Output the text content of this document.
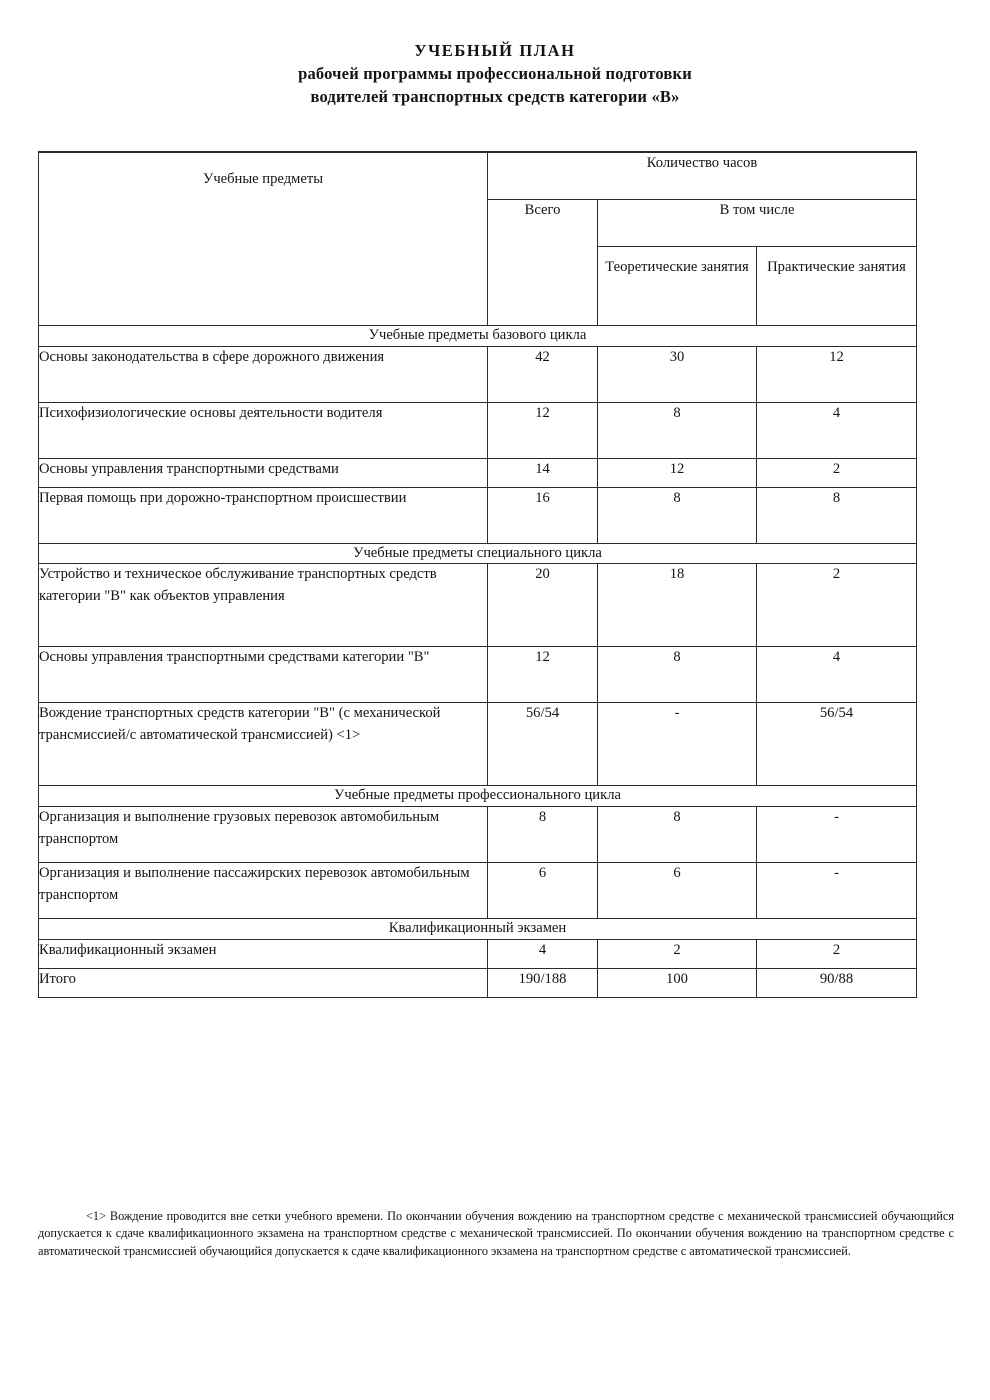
УЧЕБНЫЙ ПЛАН
рабочей программы профессиональной подготовки
водителей транспортных средств категории «В»
Учебные предметы	Количество часов		
	Всего	В том числе	
		Теоретические занятия	Практические занятия
Учебные предметы базового цикла			
Основы законодательства в сфере дорожного движения	42	30	12
Психофизиологические основы деятельности водителя	12	8	4
Основы управления транспортными средствами	14	12	2
Первая помощь при дорожно-транспортном происшествии	16	8	8
Учебные предметы специального цикла			
Устройство и техническое обслуживание транспортных средств категории "В" как объектов управления	20	18	2
Основы управления транспортными средствами категории "В"	12	8	4
Вождение транспортных средств категории "В" (с механической трансмиссией/с автоматической трансмиссией) <1>	56/54	-	56/54
Учебные предметы профессионального цикла			
Организация и выполнение грузовых перевозок автомобильным транспортом	8	8	-
Организация и выполнение пассажирских перевозок автомобильным транспортом	6	6	-
Квалификационный экзамен			
Квалификационный экзамен	4	2	2
Итого	190/188	100	90/88
<1> Вождение проводится вне сетки учебного времени. По окончании обучения вождению на транспортном средстве с механической трансмиссией обучающийся допускается к сдаче квалификационного экзамена на транспортном средстве с механической трансмиссией. По окончании обучения вождению на транспортном средстве с автоматической трансмиссией обучающийся допускается к сдаче квалификационного экзамена на транспортном средстве с автоматической трансмиссией.
